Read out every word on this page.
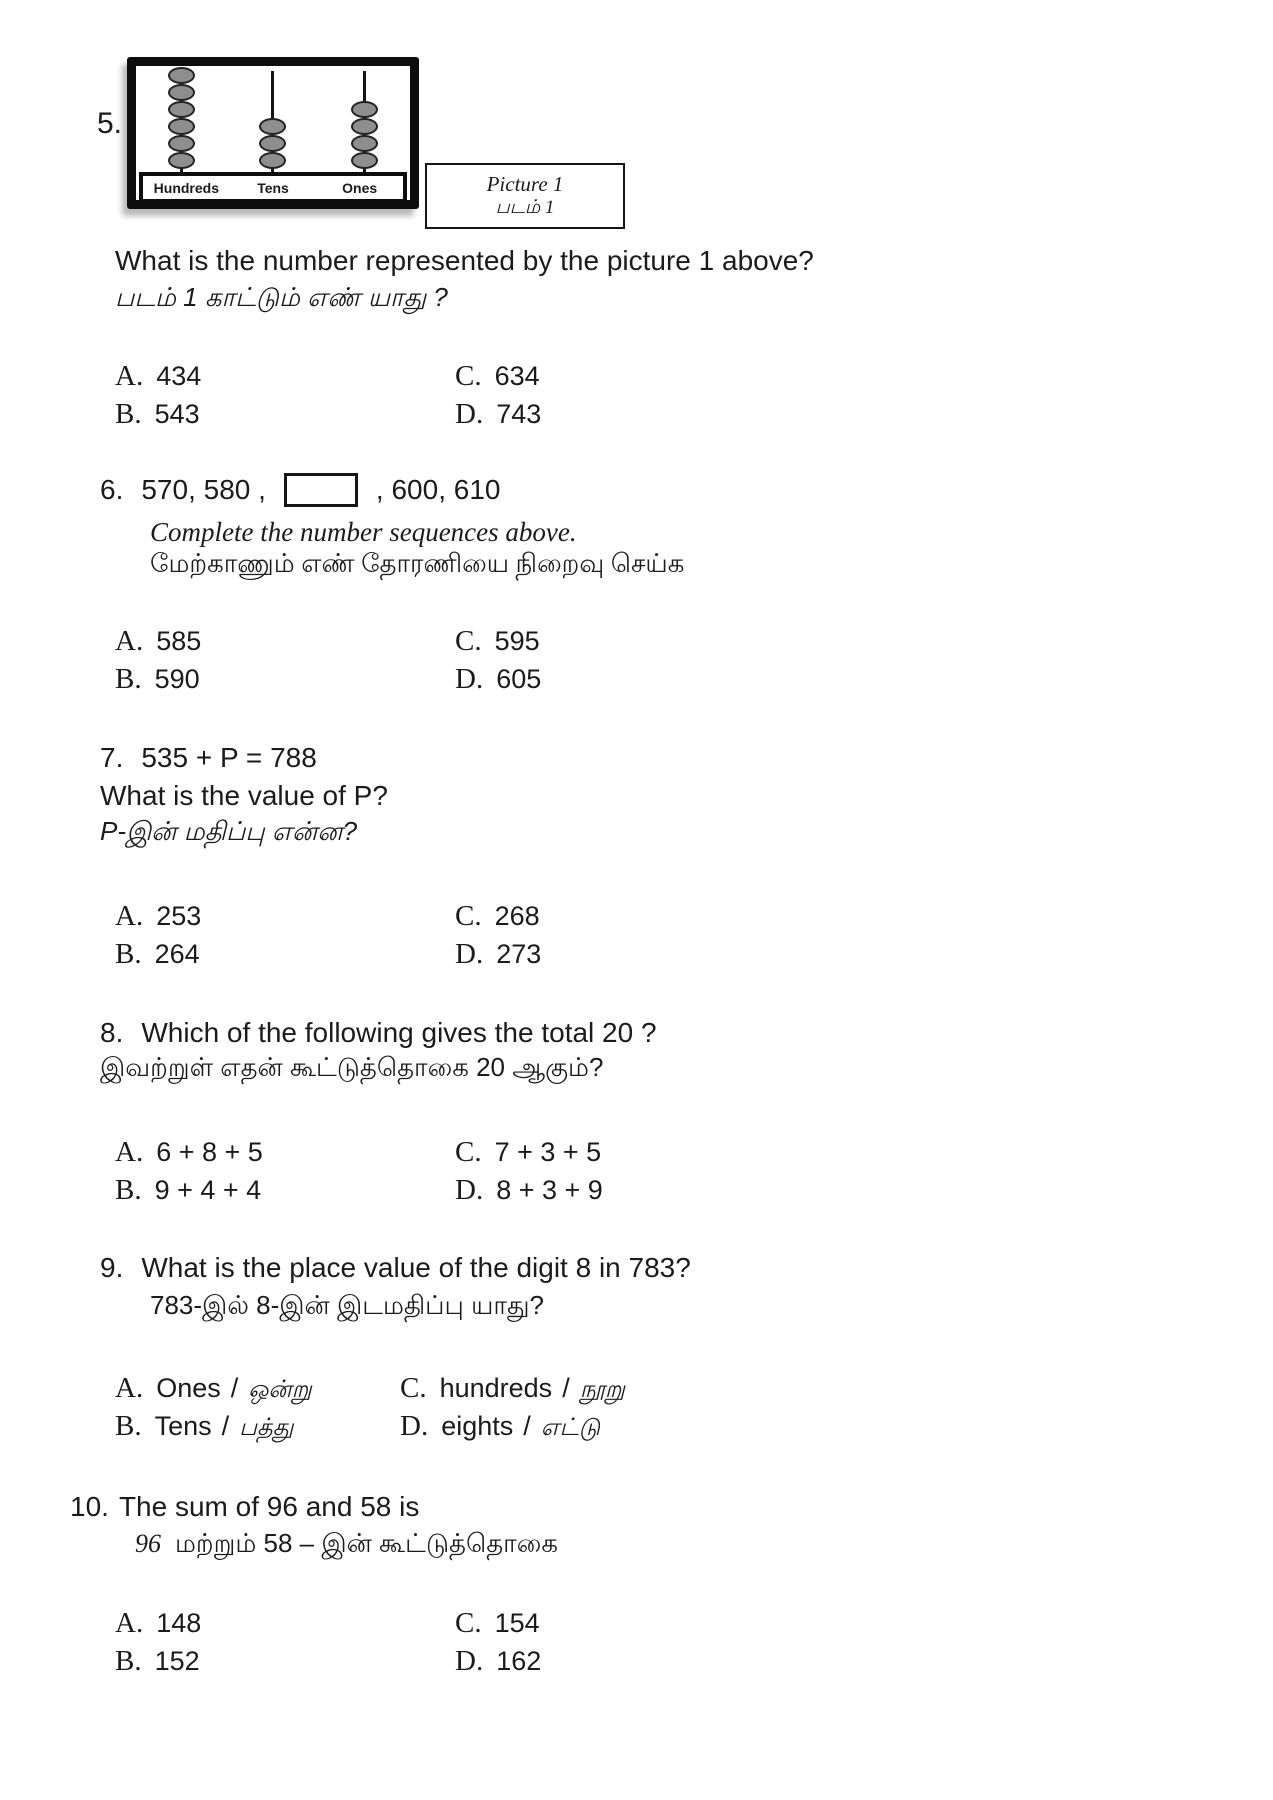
5.
Hundreds	Tens	Ones	Picture 1
படம் 1
What is the number represented by the picture 1 above?
படம் 1 காட்டும் எண் யாது ?
A. 434	C. 634
B. 543	D. 743
6. 570, 580 ,	, 600, 610
Complete the number sequences above.
மேற்காணும் எண் தோரணியை நிறைவு செய்க
A. 585	C. 595
B. 590	D. 605
7. 535 + P = 788
What is the value of P?
P-இன் மதிப்பு என்ன?
A. 253	C. 268
B. 264	D. 273
8. Which of the following gives the total 20 ?
இவற்றுள் எதன் கூட்டுத்தொகை 20 ஆகும்?
A. 6 + 8 + 5	C. 7 + 3 + 5
B. 9 + 4 + 4	D. 8 + 3 + 9
9. What is the place value of the digit 8 in 783?
783-இல் 8-இன் இடமதிப்பு யாது?
A. Ones / ஒன்று	C. hundreds / நூறு
B. Tens / பத்து	D. eights / எட்டு
10. The sum of 96 and 58 is
96 மற்றும் 58 – இன் கூட்டுத்தொகை
A. 148	C. 154
B. 152	D. 162
